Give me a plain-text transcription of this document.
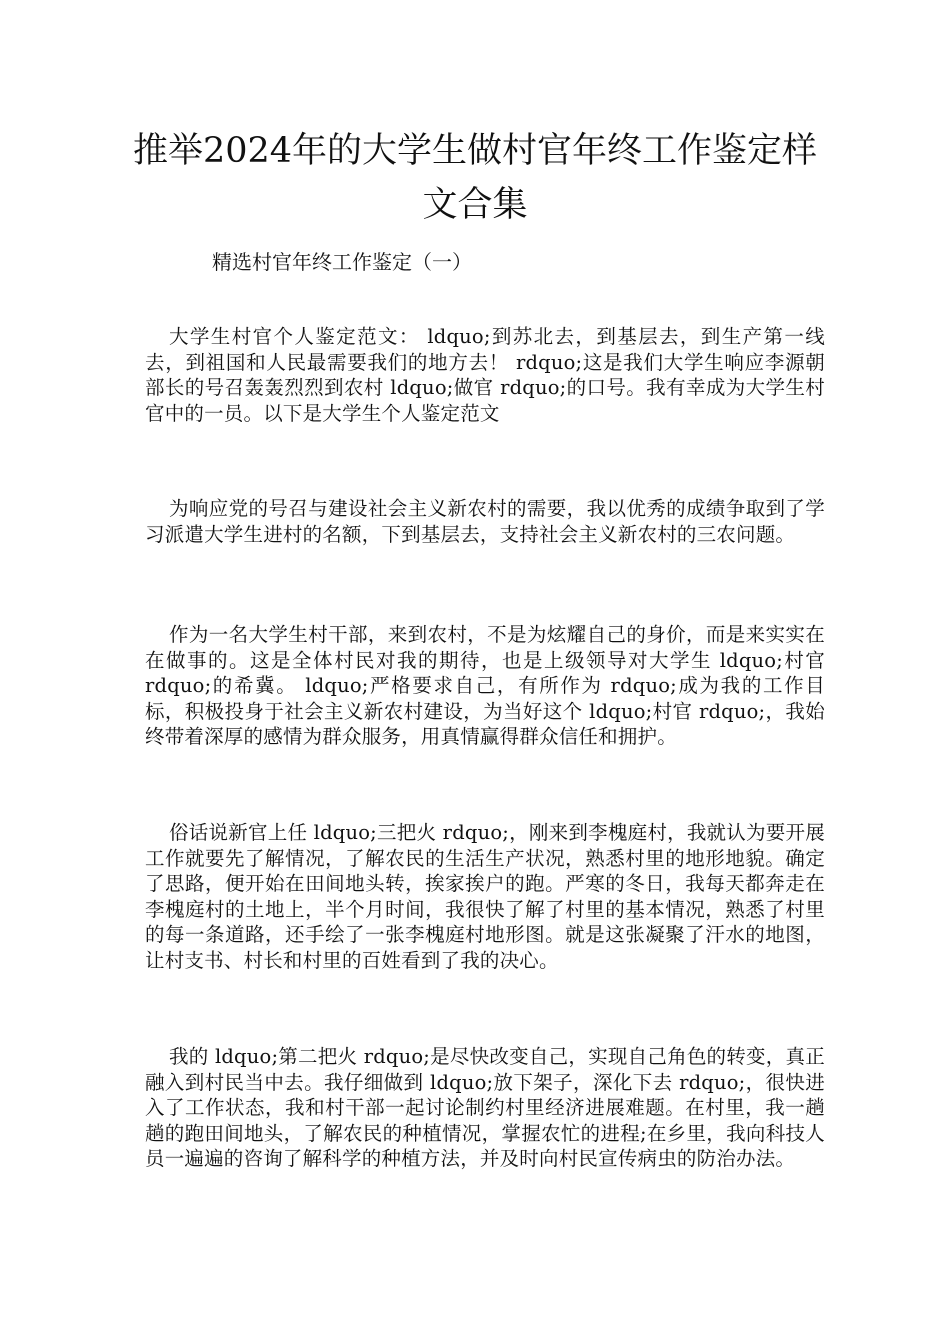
推举2024年的大学生做村官年终工作鉴定样文合集
精选村官年终工作鉴定（一）

大学生村官个人鉴定范文： ldquo;到苏北去，到基层去，到生产第一线去，到祖国和人民最需要我们的地方去！ rdquo;这是我们大学生响应李源朝部长的号召轰轰烈烈到农村 ldquo;做官 rdquo;的口号。我有幸成为大学生村官中的一员。以下是大学生个人鉴定范文

为响应党的号召与建设社会主义新农村的需要，我以优秀的成绩争取到了学习派遣大学生进村的名额，下到基层去，支持社会主义新农村的三农问题。

作为一名大学生村干部，来到农村，不是为炫耀自己的身价，而是来实实在在做事的。这是全体村民对我的期待，也是上级领导对大学生 ldquo;村官 rdquo;的希冀。 ldquo;严格要求自己，有所作为 rdquo;成为我的工作目标，积极投身于社会主义新农村建设，为当好这个 ldquo;村官 rdquo;，我始终带着深厚的感情为群众服务，用真情赢得群众信任和拥护。

俗话说新官上任 ldquo;三把火 rdquo;，刚来到李槐庭村，我就认为要开展工作就要先了解情况，了解农民的生活生产状况，熟悉村里的地形地貌。确定了思路，便开始在田间地头转，挨家挨户的跑。严寒的冬日，我每天都奔走在李槐庭村的土地上，半个月时间，我很快了解了村里的基本情况，熟悉了村里的每一条道路，还手绘了一张李槐庭村地形图。就是这张凝聚了汗水的地图，让村支书、村长和村里的百姓看到了我的决心。

我的 ldquo;第二把火 rdquo;是尽快改变自己，实现自己角色的转变，真正融入到村民当中去。我仔细做到 ldquo;放下架子，深化下去 rdquo;，很快进入了工作状态，我和村干部一起讨论制约村里经济进展难题。在村里，我一趟趟的跑田间地头，了解农民的种植情况，掌握农忙的进程;在乡里，我向科技人员一遍遍的咨询了解科学的种植方法，并及时向村民宣传病虫的防治办法。
